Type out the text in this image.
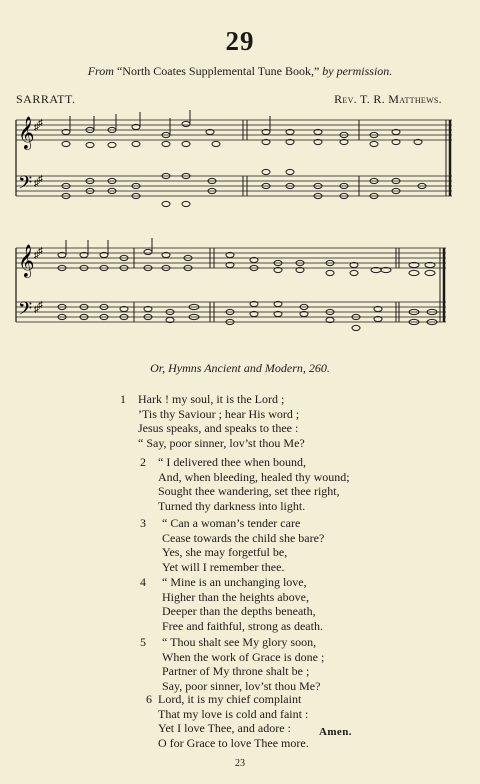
29
From “North Coates Supplemental Tune Book,” by permission.
SARRATT.	Rev. T. R. Matthews.
𝄞
𝄢
♯ ♯
♯ ♯
𝄞
𝄢
♯ ♯
♯ ♯
Or, Hymns Ancient and Modern, 260.
1 Hark ! my soul, it is the Lord ;
’Tis thy Saviour ; hear His word ;
Jesus speaks, and speaks to thee :
“ Say, poor sinner, lov’st thou Me?
2 “ I delivered thee when bound,
And, when bleeding, healed thy wound;
Sought thee wandering, set thee right,
Turned thy darkness into light.
3 “ Can a woman’s tender care
Cease towards the child she bare?
Yes, she may forgetful be,
Yet will I remember thee.
4 “ Mine is an unchanging love,
Higher than the heights above,
Deeper than the depths beneath,
Free and faithful, strong as death.
5 “ Thou shalt see My glory soon,
When the work of Grace is done ;
Partner of My throne shalt be ;
Say, poor sinner, lov’st thou Me?
6 Lord, it is my chief complaint
That my love is cold and faint :
Yet I love Thee, and adore :
O for Grace to love Thee more.
Amen.
23
